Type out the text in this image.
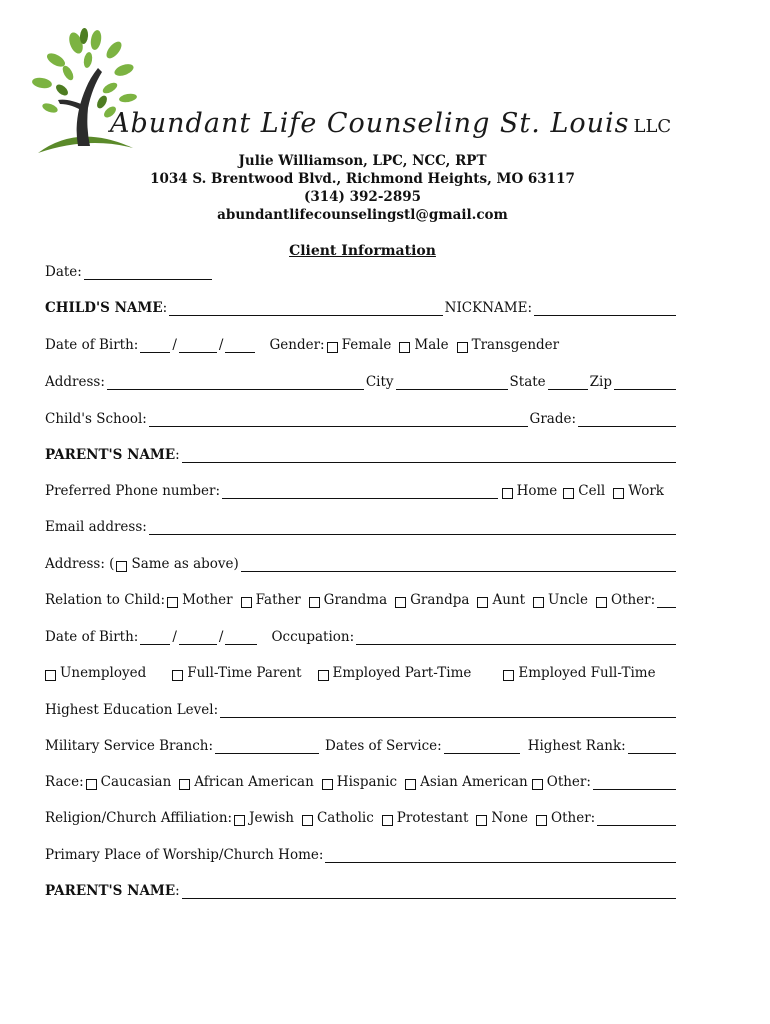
Abundant Life Counseling St. Louis LLC
Julie Williamson, LPC, NCC, RPT
1034 S. Brentwood Blvd., Richmond Heights, MO 63117
(314) 392-2895
abundantlifecounselingstl@gmail.com
Client Information
Date:
CHILD'S NAME :	NICKNAME:
Date of Birth:	/	/	Gender: Female Male Transgender
Address:	City	State	Zip
Child's School:	Grade:
PARENT'S NAME :
Preferred Phone number:	Home Cell Work
Email address:
Address: ( Same as above)
Relation to Child: Mother Father Grandma Grandpa Aunt Uncle Other:
Date of Birth:	/	/	Occupation:
Unemployed	Full-Time Parent Employed Part-Time	Employed Full-Time
Highest Education Level:
Military Service Branch:	Dates of Service:	Highest Rank:
Race: Caucasian African American Hispanic Asian American Other:
Religion/Church Affiliation: Jewish Catholic Protestant None Other:
Primary Place of Worship/Church Home:
PARENT'S NAME :
